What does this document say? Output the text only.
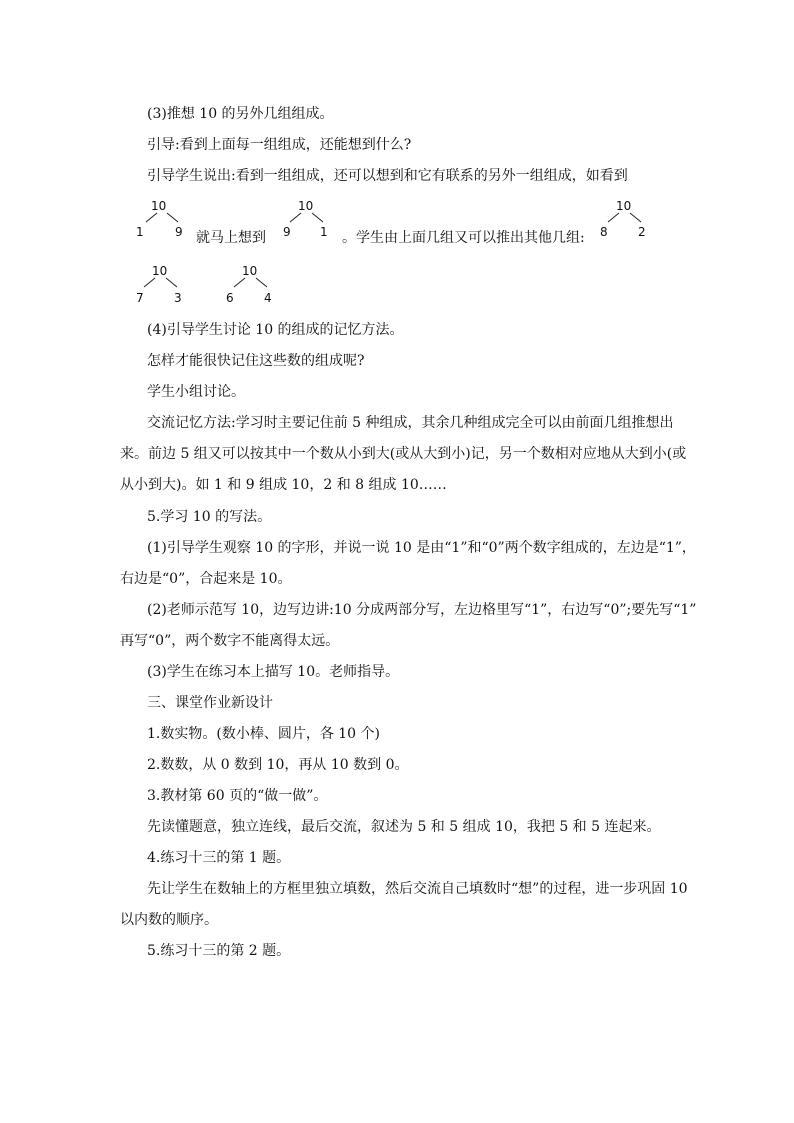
(3)推想 10 的另外几组组成。
引导:看到上面每一组组成，还能想到什么?
引导学生说出:看到一组组成，还可以想到和它有联系的另外一组组成，如看到
10
1	9 就马上想到
10
9 1 。学生由上面几组又可以推出其他几组:
10
8	2
10
7	3
10
6	4
(4)引导学生讨论 10 的组成的记忆方法。
怎样才能很快记住这些数的组成呢?
学生小组讨论。
交流记忆方法:学习时主要记住前 5 种组成，其余几种组成完全可以由前面几组推想出
来。前边 5 组又可以按其中一个数从小到大(或从大到小)记，另一个数相对应地从大到小(或
从小到大)。如 1 和 9 组成 10，2 和 8 组成 10……
5.学习 10 的写法。
(1)引导学生观察 10 的字形，并说一说 10 是由“1”和“0”两个数字组成的，左边是“1”，
右边是“0”，合起来是 10。
(2)老师示范写 10，边写边讲:10 分成两部分写，左边格里写“1”，右边写“0”;要先写“1”
再写“0”，两个数字不能离得太远。
(3)学生在练习本上描写 10。老师指导。
三、课堂作业新设计
1.数实物。(数小棒、圆片，各 10 个)
2.数数，从 0 数到 10，再从 10 数到 0。
3.教材第 60 页的“做一做”。
先读懂题意，独立连线，最后交流，叙述为 5 和 5 组成 10，我把 5 和 5 连起来。
4.练习十三的第 1 题。
先让学生在数轴上的方框里独立填数，然后交流自己填数时“想”的过程，进一步巩固 10
以内数的顺序。
5.练习十三的第 2 题。
